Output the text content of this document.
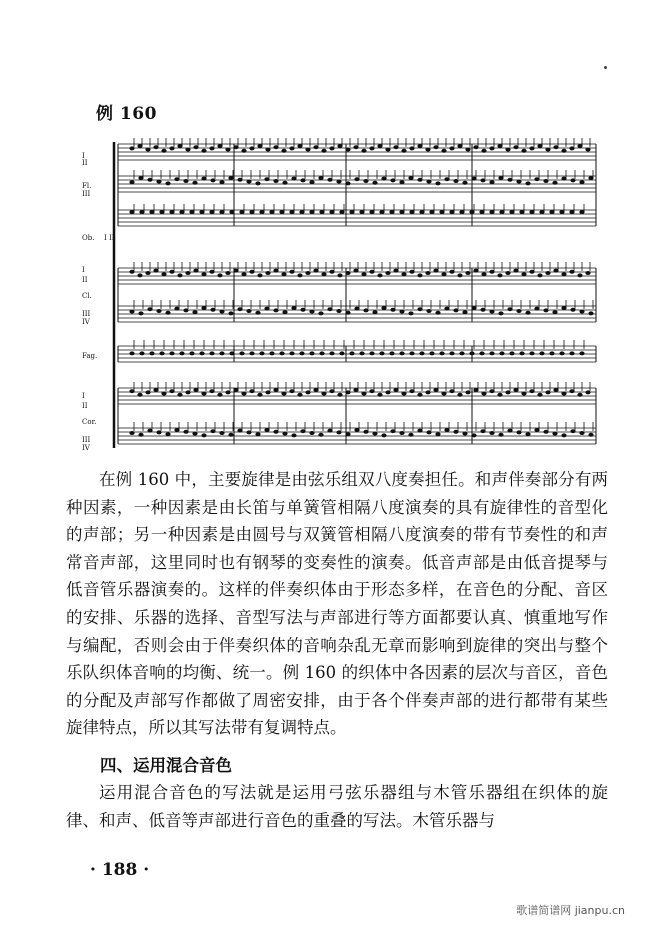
例 160
I
II
Fl.
III
Ob. I II
I
II
Cl.
III
IV
Fag.
I
II
Cor.
III
IV

在例 160 中，主要旋律是由弦乐组双八度奏担任。和声伴奏部分有两种因素，一种因素是由长笛与单簧管相隔八度演奏的具有旋律性的音型化的声部；另一种因素是由圆号与双簧管相隔八度演奏的带有节奏性的和声常音声部，这里同时也有钢琴的变奏性的演奏。低音声部是由低音提琴与低音管乐器演奏的。这样的伴奏织体由于形态多样，在音色的分配、音区的安排、乐器的选择、音型写法与声部进行等方面都要认真、慎重地写作与编配，否则会由于伴奏织体的音响杂乱无章而影响到旋律的突出与整个乐队织体音响的均衡、统一。例 160 的织体中各因素的层次与音区，音色的分配及声部写作都做了周密安排，由于各个伴奏声部的进行都带有某些旋律特点，所以其写法带有复调特点。

四、运用混合音色

运用混合音色的写法就是运用弓弦乐器组与木管乐器组在织体的旋律、和声、低音等声部进行音色的重叠的写法。木管乐器与

· 188 ·
歌谱简谱网 jianpu.cn
